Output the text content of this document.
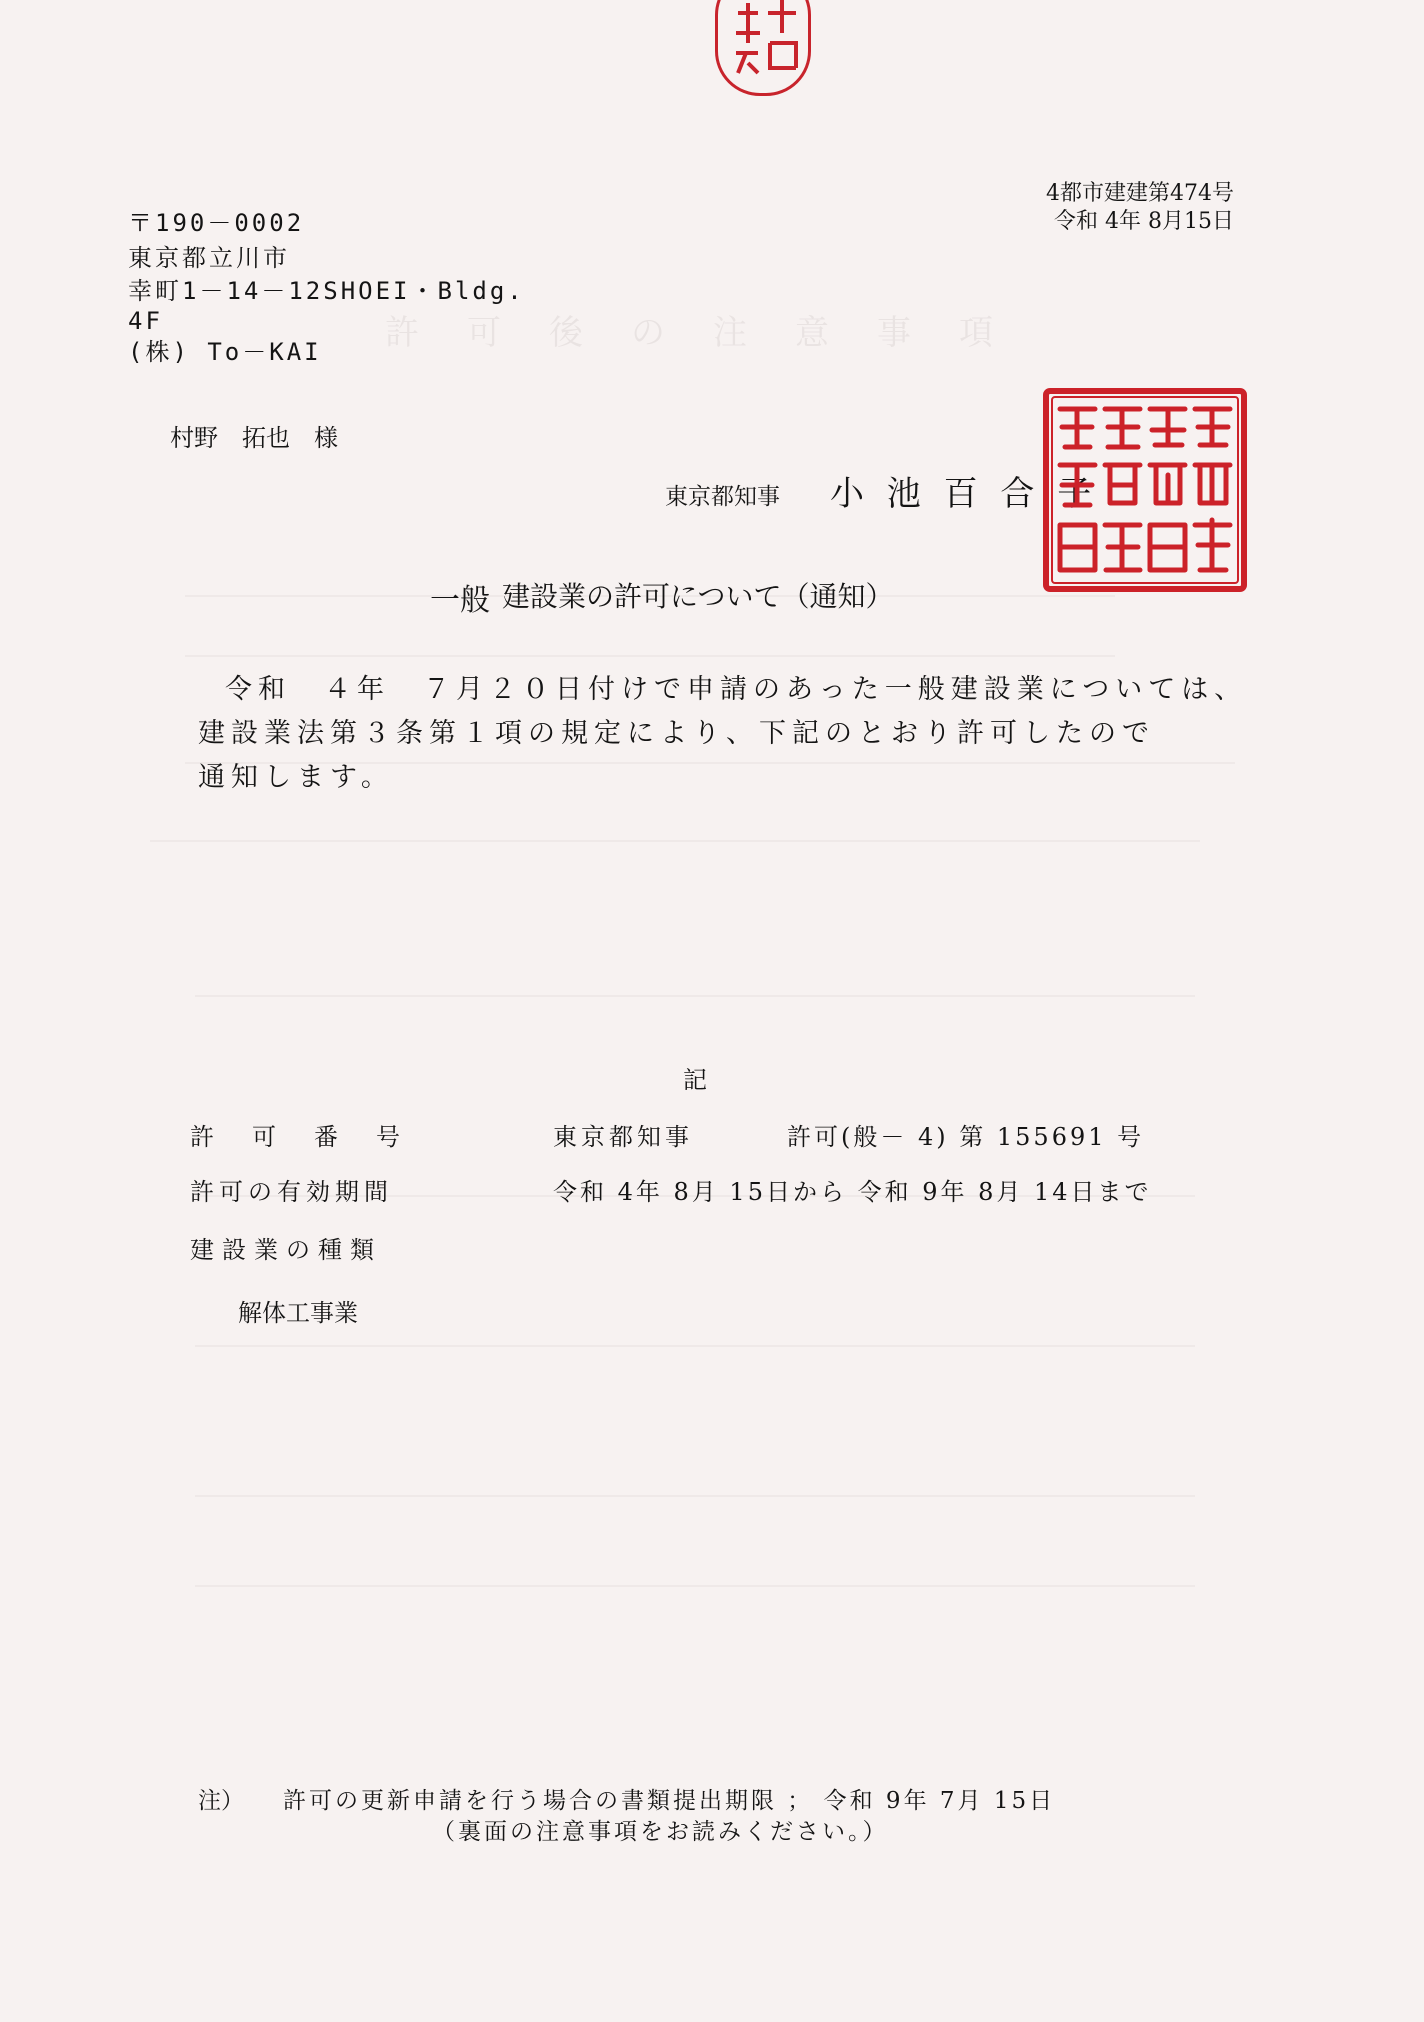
許可後の注意事項
〒190－0002
東京都立川市
幸町1－14－12SHOEI・Bldg.
4F
(株) To－KAI
4都市建建第474号
令和 4年 8月15日
村野　拓也　様
東京都知事 小 池 百 合 子
一般 建設業の許可について（通知）
令和　４年　７月２０日付けで申請のあった一般建設業については、
建設業法第３条第１項の規定により、下記のとおり許可したので
通知します。
記
許可番号	東京都知事	許可(般－ 4) 第 155691 号
許可の有効期間	令和 4年 8月 15日から 令和 9年 8月 14日まで
建設業の種類
解体工事業
注） 許可の更新申請を行う場合の書類提出期限 ； 令和 9年 7月 15日
（裏面の注意事項をお読みください。）
